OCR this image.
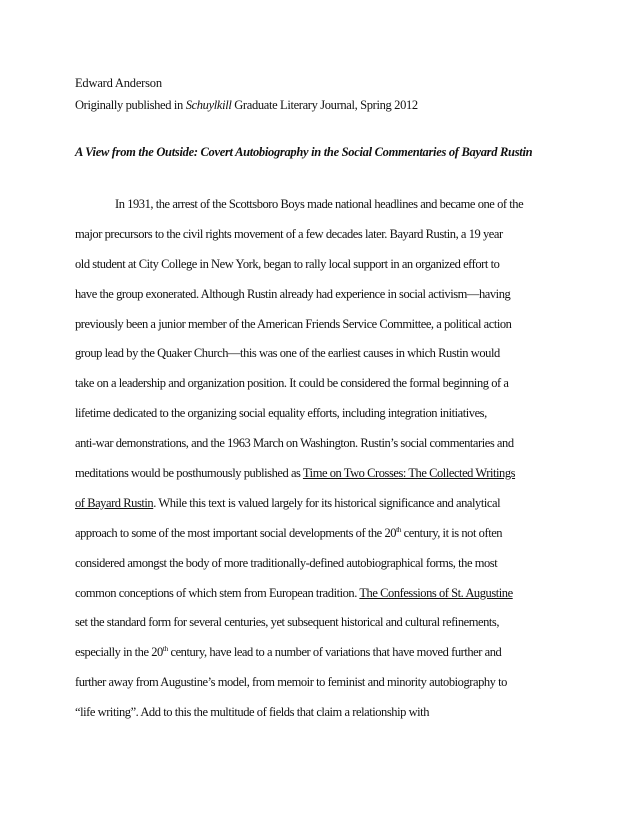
Edward Anderson
Originally published in Schuylkill Graduate Literary Journal, Spring 2012
A View from the Outside: Covert Autobiography in the Social Commentaries of Bayard Rustin
In 1931, the arrest of the Scottsboro Boys made national headlines and became one of the
major precursors to the civil rights movement of a few decades later. Bayard Rustin, a 19 year
old student at City College in New York, began to rally local support in an organized effort to
have the group exonerated. Although Rustin already had experience in social activism—having
previously been a junior member of the American Friends Service Committee, a political action
group lead by the Quaker Church—this was one of the earliest causes in which Rustin would
take on a leadership and organization position. It could be considered the formal beginning of a
lifetime dedicated to the organizing social equality efforts, including integration initiatives,
anti-war demonstrations, and the 1963 March on Washington. Rustin’s social commentaries and
meditations would be posthumously published as Time on Two Crosses: The Collected Writings
of Bayard Rustin. While this text is valued largely for its historical significance and analytical
approach to some of the most important social developments of the 20th century, it is not often
considered amongst the body of more traditionally-defined autobiographical forms, the most
common conceptions of which stem from European tradition. The Confessions of St. Augustine
set the standard form for several centuries, yet subsequent historical and cultural refinements,
especially in the 20th century, have lead to a number of variations that have moved further and
further away from Augustine’s model, from memoir to feminist and minority autobiography to
“life writing”. Add to this the multitude of fields that claim a relationship with
